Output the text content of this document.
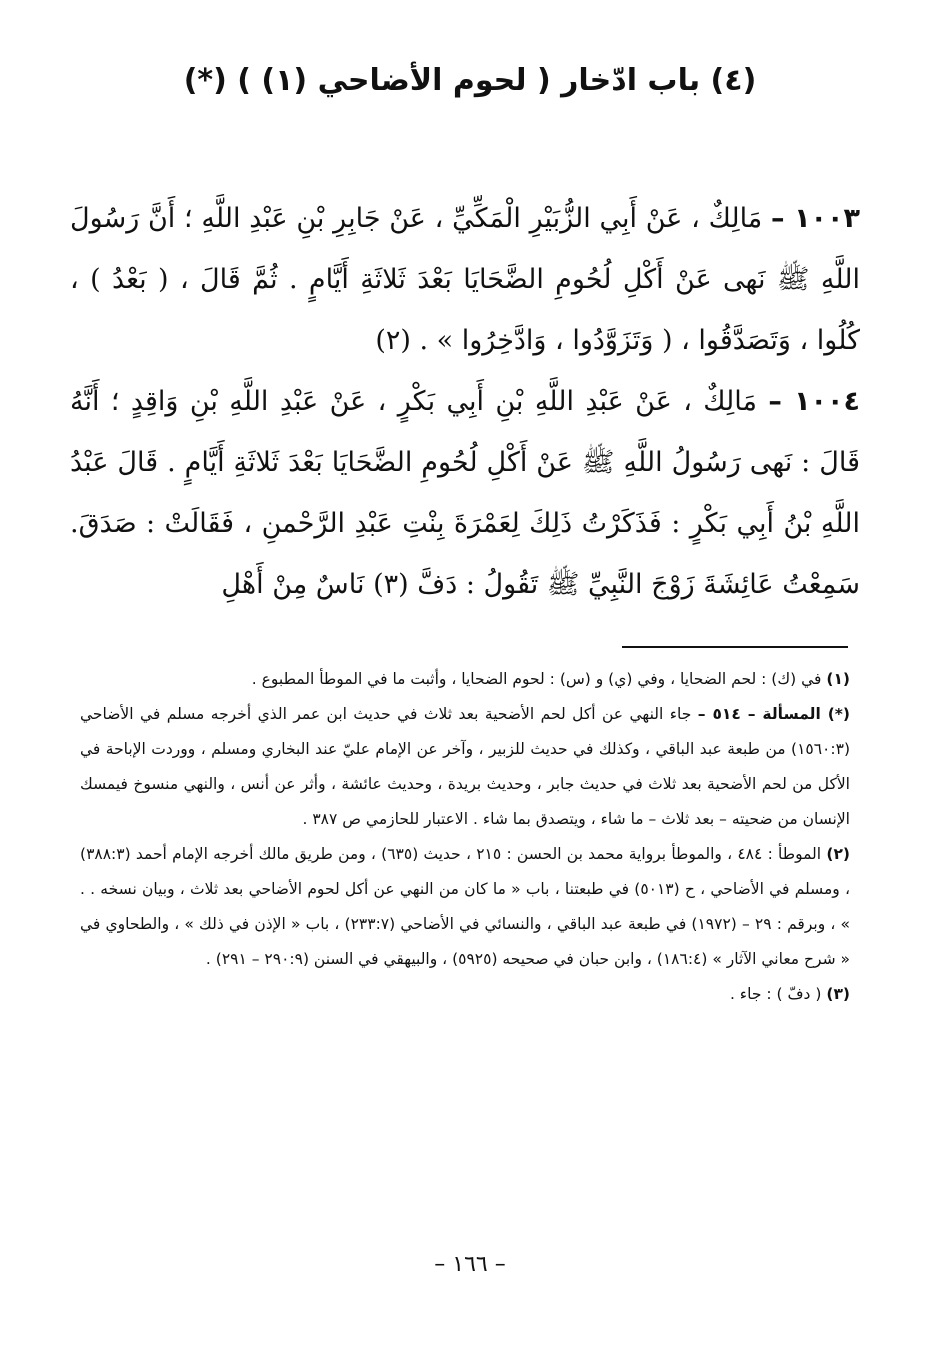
(٤) باب ادّخار ( لحوم الأضاحي (١) ) (*)

١٠٠٣ – مَالِكٌ ، عَنْ أَبِي الزُّبَيْرِ الْمَكِّيِّ ، عَنْ جَابِرِ بْنِ عَبْدِ اللَّهِ ؛ أَنَّ رَسُولَ اللَّهِ ﷺ نَهى عَنْ أَكْلِ لُحُومِ الضَّحَايَا بَعْدَ ثَلاثَةِ أَيَّامٍ . ثُمَّ قَالَ ، ( بَعْدُ ) ، كُلُوا ، وَتَصَدَّقُوا ، ( وَتَزَوَّدُوا ، وَادَّخِرُوا » . (٢)

١٠٠٤ – مَالِكٌ ، عَنْ عَبْدِ اللَّهِ بْنِ أَبِي بَكْرٍ ، عَنْ عَبْدِ اللَّهِ بْنِ وَاقِدٍ ؛ أَنَّهُ قَالَ : نَهى رَسُولُ اللَّهِ ﷺ عَنْ أَكْلِ لُحُومِ الضَّحَايَا بَعْدَ ثَلاثَةِ أَيَّامٍ . قَالَ عَبْدُ اللَّهِ بْنُ أَبِي بَكْرٍ : فَذَكَرْتُ ذَلِكَ لِعَمْرَةَ بِنْتِ عَبْدِ الرَّحْمنِ ، فَقَالَتْ : صَدَقَ. سَمِعْتُ عَائِشَةَ زَوْجَ النَّبِيِّ ﷺ تَقُولُ : دَفَّ (٣) نَاسٌ مِنْ أَهْلِ

(١) في (ك) : لحم الضحايا ، وفي (ي) و (س) : لحوم الضحايا ، وأثبت ما في الموطأ المطبوع .

(*) المسألة – ٥١٤ – جاء النهي عن أكل لحم الأضحية بعد ثلاث في حديث ابن عمر الذي أخرجه مسلم في الأضاحي (١٥٦٠:٣) من طبعة عبد الباقي ، وكذلك في حديث للزبير ، وآخر عن الإمام عليّ عند البخاري ومسلم ، ووردت الإباحة في الأكل من لحم الأضحية بعد ثلاث في حديث جابر ، وحديث بريدة ، وحديث عائشة ، وأثر عن أنس ، والنهي منسوخ فيمسك الإنسان من ضحيته – بعد ثلاث – ما شاء ، ويتصدق بما شاء . الاعتبار للحازمي ص ٣٨٧ .

(٢) الموطأ : ٤٨٤ ، والموطأ برواية محمد بن الحسن : ٢١٥ ، حديث (٦٣٥) ، ومن طريق مالك أخرجه الإمام أحمد (٣٨٨:٣) ، ومسلم في الأضاحي ، ح (٥٠١٣) في طبعتنا ، باب « ما كان من النهي عن أكل لحوم الأضاحي بعد ثلاث ، وبيان نسخه . . » ، وبرقم : ٢٩ – (١٩٧٢) في طبعة عبد الباقي ، والنسائي في الأضاحي (٢٣٣:٧) ، باب « الإذن في ذلك » ، والطحاوي في « شرح معاني الآثار » (١٨٦:٤) ، وابن حبان في صحيحه (٥٩٢٥) ، والبيهقي في السنن (٢٩٠:٩ – ٢٩١) .

(٣) ( دفّ ) : جاء .

– ١٦٦ –
